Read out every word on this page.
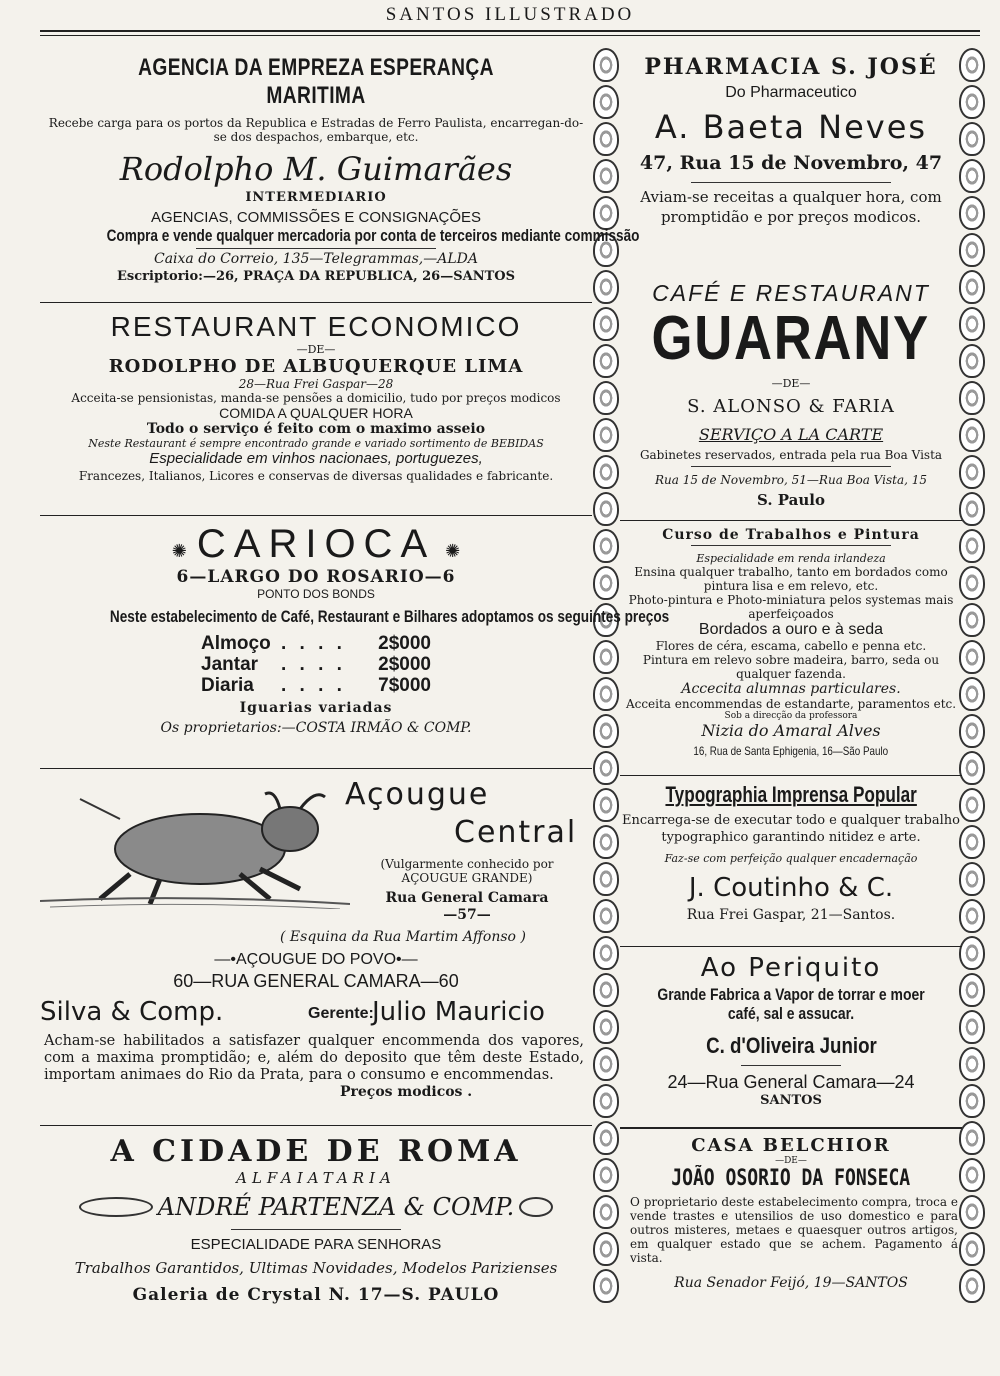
SANTOS ILLUSTRADO
AGENCIA DA EMPREZA ESPERANÇA MARITIMA
Recebe carga para os portos da Republica e Estradas de Ferro Paulista, encarregan-do-se dos despachos, embarque, etc.
Rodolpho M. Guimarães
INTERMEDIARIO
AGENCIAS, COMMISSÕES E CONSIGNAÇÕES
Compra e vende qualquer mercadoria por conta de terceiros mediante commissão
Caixa do Correio, 135—Telegrammas,—ALDA
Escriptorio:—26, PRAÇA DA REPUBLICA, 26—SANTOS
RESTAURANT ECONOMICO
—DE—
RODOLPHO DE ALBUQUERQUE LIMA
28—Rua Frei Gaspar—28
Acceita-se pensionistas, manda-se pensões a domicilio, tudo por preços modicos
COMIDA A QUALQUER HORA
Todo o serviço é feito com o maximo asseio
Neste Restaurant é sempre encontrado grande e variado sortimento de BEBIDAS
Especialidade em vinhos nacionaes, portuguezes,
Francezes, Italianos, Licores e conservas de diversas qualidades e fabricante.
✺  CARIOCA  ✺
6—LARGO DO ROSARIO—6
PONTO DOS BONDS
Neste estabelecimento de Café, Restaurant e Bilhares adoptamos os seguintes preços
Almoço . . . .	2$000
Jantar	. . . .	2$000
Diaria	. . . .	7$000
Iguarias variadas
Os proprietarios:—COSTA IRMÃO & COMP.
Açougue
Central
(Vulgarmente conhecido por AÇOUGUE GRANDE)
Rua General Camara
—57—
( Esquina da Rua Martim Affonso )
—•AÇOUGUE DO POVO•—
60—RUA GENERAL CAMARA—60
Silva & Comp.	Gerente:
Julio Mauricio
Acham-se habilitados a satisfazer qualquer encommenda dos vapores, com a maxima promptidão; e, além do deposito que têm deste Estado, importam animaes do Rio da Prata, para o consumo e encommendas.
Preços modicos .
A CIDADE DE ROMA
ALFAIATARIA
ANDRÉ PARTENZA & COMP.
ESPECIALIDADE PARA SENHORAS
Trabalhos Garantidos, Ultimas Novidades, Modelos Parizienses
Galeria de Crystal N. 17—S. PAULO
PHARMACIA S. JOSÉ
Do Pharmaceutico
A. Baeta Neves
47, Rua 15 de Novembro, 47
Aviam-se receitas a qualquer hora, com promptidão e por preços modicos.
CAFÉ E RESTAURANT
GUARANY
—DE—
S. ALONSO & FARIA
SERVIÇO A LA CARTE
Gabinetes reservados, entrada pela rua Boa Vista
Rua 15 de Novembro, 51—Rua Boa Vista, 15
S. Paulo
Curso de Trabalhos e Pintura
Especialidade em renda irlandeza
Ensina qualquer trabalho, tanto em bordados como pintura lisa e em relevo, etc.
Photo-pintura e Photo-miniatura pelos systemas mais aperfeiçoados
Bordados a ouro e à seda
Flores de céra, escama, cabello e penna etc.
Pintura em relevo sobre madeira, barro, seda ou qualquer fazenda.
Accecita alumnas particulares.
Acceita encommendas de estandarte, paramentos etc.
Sob a direcção da professora
Nizia do Amaral Alves
16, Rua de Santa Ephigenia, 16—São Paulo
Typographia Imprensa Popular
Encarrega-se de executar todo e qualquer trabalho typographico garantindo nitidez e arte.
Faz-se com perfeição qualquer encadernação
J. Coutinho & C.
Rua Frei Gaspar, 21—Santos.
Ao Periquito
Grande Fabrica a Vapor de torrar e moer café, sal e assucar.
C. d'Oliveira Junior
24—Rua General Camara—24
SANTOS
CASA BELCHIOR
—DE—
JOÃO OSORIO DA FONSECA
O proprietario deste estabelecimento compra, troca e vende trastes e utensilios de uso domestico e para outros misteres, metaes e quaesquer outros artigos, em qualquer estado que se achem. Pagamento á vista.
Rua Senador Feijó, 19—SANTOS
